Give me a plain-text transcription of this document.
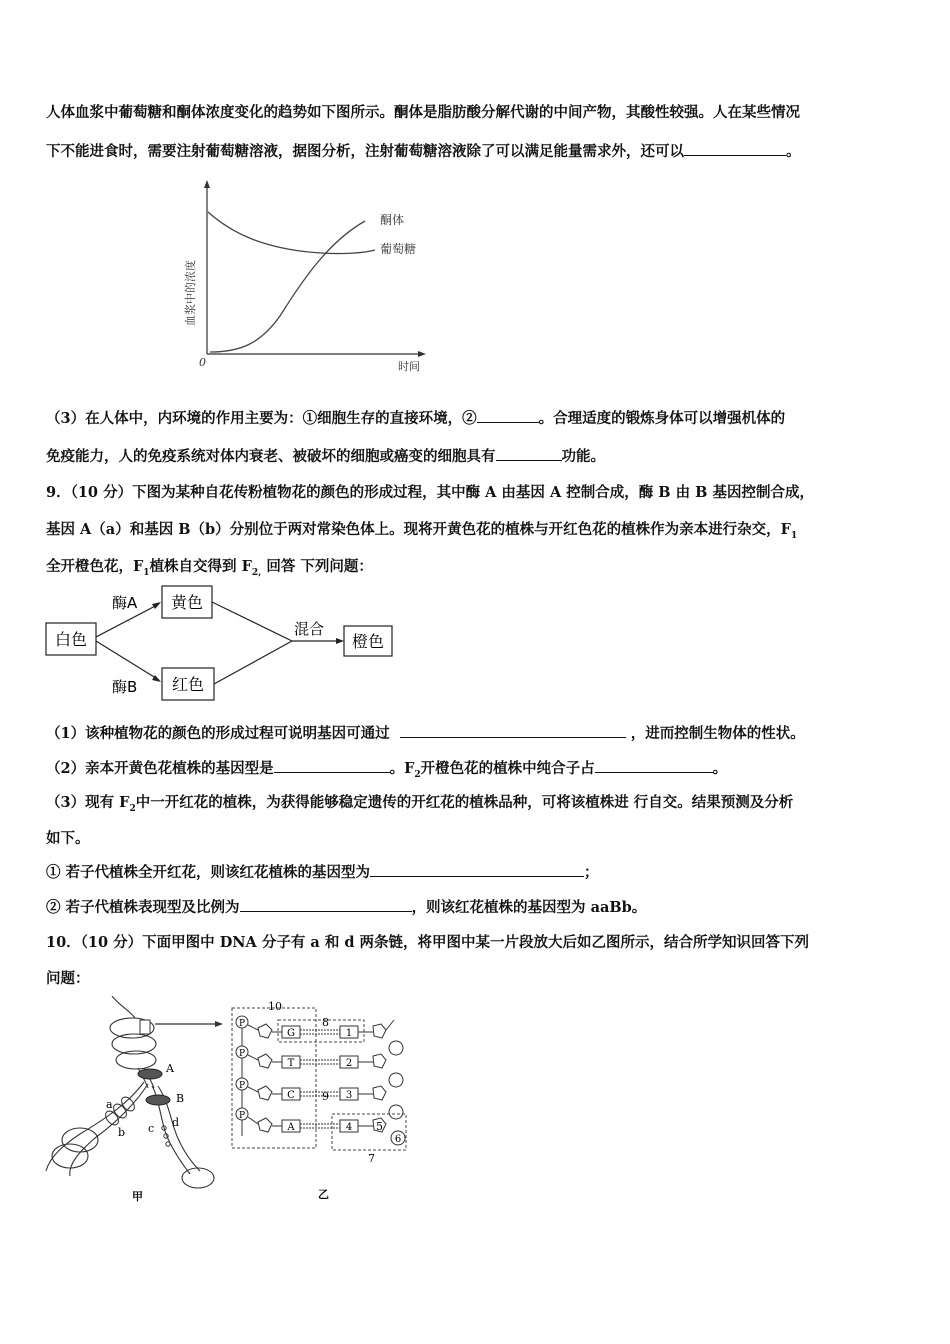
人体血浆中葡萄糖和酮体浓度变化的趋势如下图所示。酮体是脂肪酸分解代谢的中间产物，其酸性较强。人在某些情况
下不能进食时，需要注射葡萄糖溶液，据图分析，注射葡萄糖溶液除了可以满足能量需求外，还可以	。
酮体
葡萄糖
0	时间
血浆中的浓度
（3）在人体中，内环境的作用主要为：①细胞生存的直接环境，②	。合理适度的锻炼身体可以增强机体的
免疫能力，人的免疫系统对体内衰老、被破坏的细胞或癌变的细胞具有	功能。
9．（10 分）下图为某种自花传粉植物花的颜色的形成过程，其中酶 A 由基因 A 控制合成，酶 B 由 B 基因控制合成，
基因 A（a）和基因 B（b）分别位于两对常染色体上。现将开黄色花的植株与开红色花的植株作为亲本进行杂交，$F_1$
全开橙色花，$F_1$植株自交得到 $F_{2,}$ 回答 下列问题：
白色
黄色
红色
橙色
酶A
酶B
混合
（1）该种植物花的颜色的形成过程可说明基因可通过	，进而控制生物体的性状。
（2）亲本开黄色花植株的基因型是	。$F_2$开橙色花的植株中纯合子占	。
（3）现有 $F_2$中一开红花的植株，为获得能够稳定遗传的开红花的植株品种，可将该植株进 行自交。结果预测及分析
如下。
① 若子代植株全开红花，则该红花植株的基因型为	；
② 若子代植株表现型及比例为	，则该红花植株的基因型为 aaBb。
10．（10 分）下面甲图中 DNA 分子有 a 和 d 两条链，将甲图中某一片段放大后如乙图所示，结合所学知识回答下列
问题：
A
B
a
b c d
甲
10
P
G	1
8
P
T	2
P
C	3
9
P
A	4 5
6
7
乙
